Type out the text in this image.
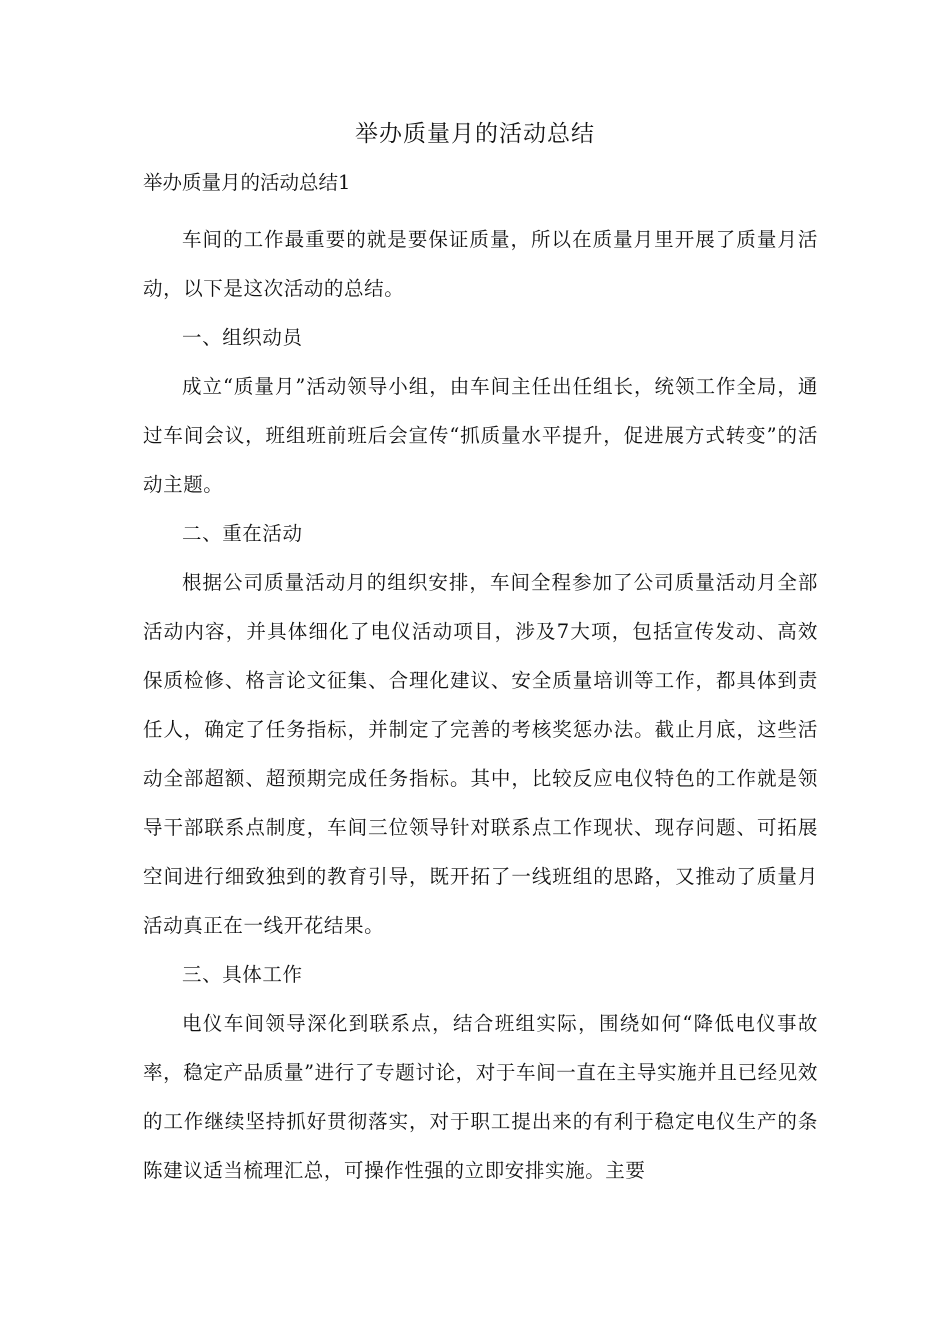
举办质量月的活动总结
举办质量月的活动总结1

车间的工作最重要的就是要保证质量，所以在质量月里开展了质量月活动，以下是这次活动的总结。

一、组织动员

成立“质量月”活动领导小组，由车间主任出任组长，统领工作全局，通过车间会议，班组班前班后会宣传“抓质量水平提升，促进展方式转变”的活动主题。

二、重在活动

根据公司质量活动月的组织安排，车间全程参加了公司质量活动月全部活动内容，并具体细化了电仪活动项目，涉及7大项，包括宣传发动、高效保质检修、格言论文征集、合理化建议、安全质量培训等工作，都具体到责任人，确定了任务指标，并制定了完善的考核奖惩办法。截止月底，这些活动全部超额、超预期完成任务指标。其中，比较反应电仪特色的工作就是领导干部联系点制度，车间三位领导针对联系点工作现状、现存问题、可拓展空间进行细致独到的教育引导，既开拓了一线班组的思路，又推动了质量月活动真正在一线开花结果。

三、具体工作

电仪车间领导深化到联系点，结合班组实际，围绕如何“降低电仪事故率，稳定产品质量”进行了专题讨论，对于车间一直在主导实施并且已经见效的工作继续坚持抓好贯彻落实，对于职工提出来的有利于稳定电仪生产的条陈建议适当梳理汇总，可操作性强的立即安排实施。主要
